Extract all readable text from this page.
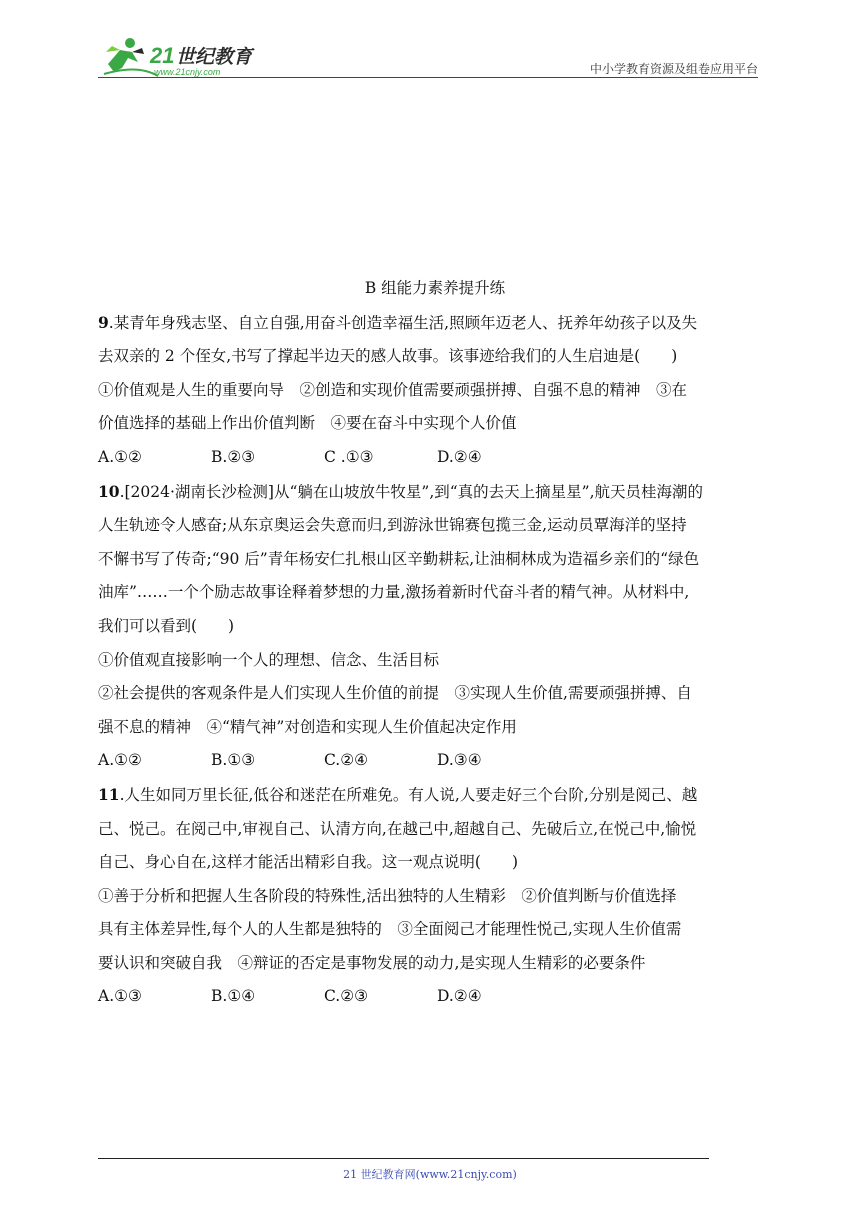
21 世纪教育
www.21cnjy.com	中小学教育资源及组卷应用平台
B 组能力素养提升练

9.某青年身残志坚、自立自强,用奋斗创造幸福生活,照顾年迈老人、抚养年幼孩子以及失

去双亲的 2 个侄女,书写了撑起半边天的感人故事。该事迹给我们的人生启迪是(　　)

①价值观是人生的重要向导　②创造和实现价值需要顽强拼搏、自强不息的精神　③在

价值选择的基础上作出价值判断　④要在奋斗中实现个人价值

A.①②	B.②③	C .①③	D.②④

10.[2024·湖南长沙检测]从“躺在山坡放牛牧星”,到“真的去天上摘星星”,航天员桂海潮的

人生轨迹令人感奋;从东京奥运会失意而归,到游泳世锦赛包揽三金,运动员覃海洋的坚持

不懈书写了传奇;“90 后”青年杨安仁扎根山区辛勤耕耘,让油桐林成为造福乡亲们的“绿色

油库”……一个个励志故事诠释着梦想的力量,激扬着新时代奋斗者的精气神。从材料中,

我们可以看到(　　)

①价值观直接影响一个人的理想、信念、生活目标

②社会提供的客观条件是人们实现人生价值的前提　③实现人生价值,需要顽强拼搏、自

强不息的精神　④“精气神”对创造和实现人生价值起决定作用

A.①②	B.①③	C.②④	D.③④

11.人生如同万里长征,低谷和迷茫在所难免。有人说,人要走好三个台阶,分别是阅己、越

己、悦己。在阅己中,审视自己、认清方向,在越己中,超越自己、先破后立,在悦己中,愉悦

自己、身心自在,这样才能活出精彩自我。这一观点说明(　　)

①善于分析和把握人生各阶段的特殊性,活出独特的人生精彩　②价值判断与价值选择

具有主体差异性,每个人的人生都是独特的　③全面阅己才能理性悦己,实现人生价值需

要认识和突破自我　④辩证的否定是事物发展的动力,是实现人生精彩的必要条件

A.①③	B.①④	C.②③	D.②④
21 世纪教育网(www.21cnjy.com)
